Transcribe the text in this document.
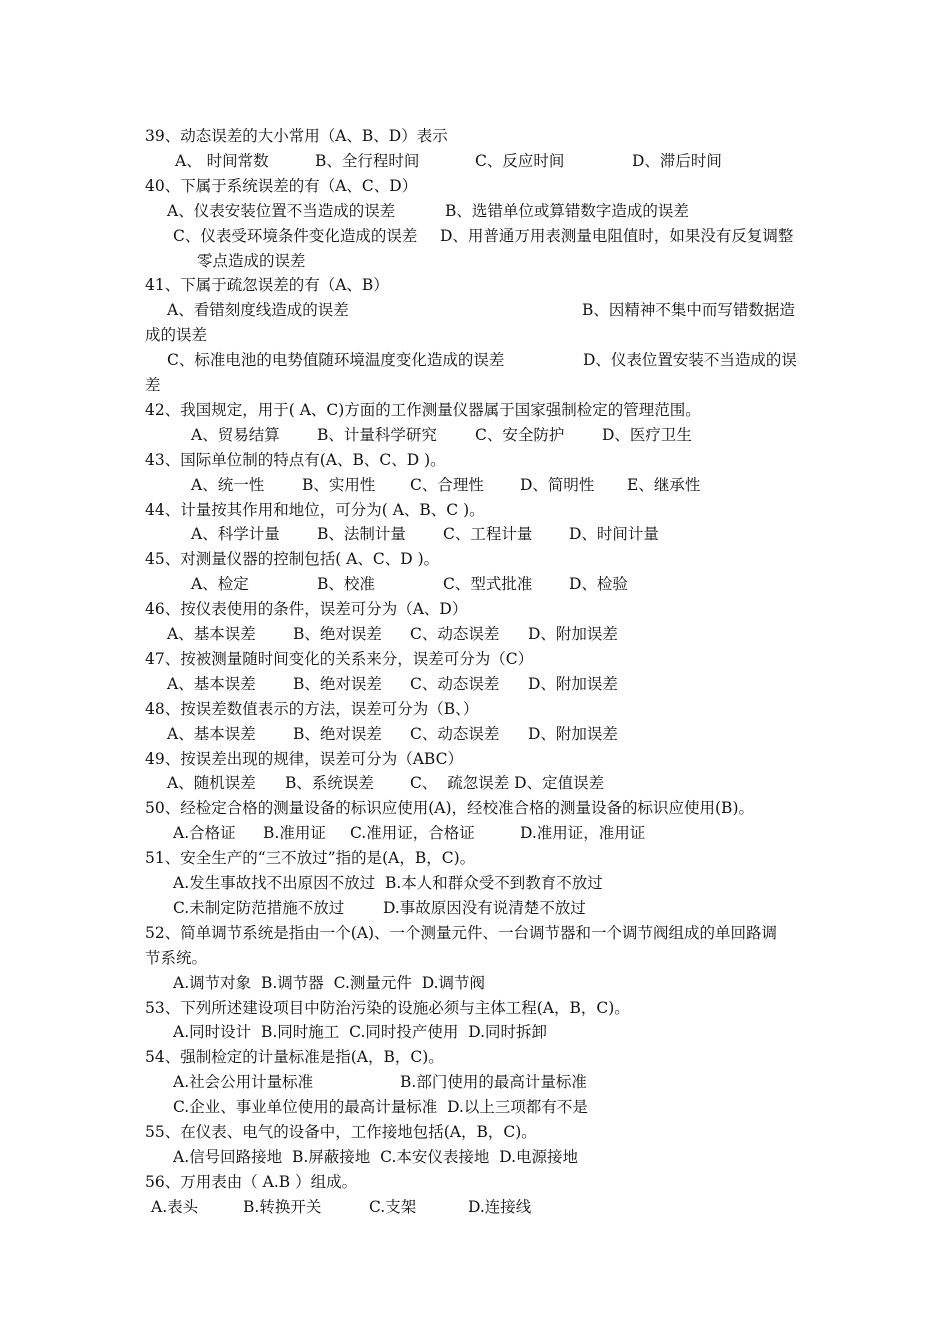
39、动态误差的大小常用（A、B、D）表示
A、 时间常数	B、全行程时间	C、反应时间	D、滞后时间
40、下属于系统误差的有（A、C、D）
A、仪表安装位置不当造成的误差	B、选错单位或算错数字造成的误差
C、仪表受环境条件变化造成的误差 D、用普通万用表测量电阻值时，如果没有反复调整
零点造成的误差
41、下属于疏忽误差的有（A、B）
A、看错刻度线造成的误差	B、因精神不集中而写错数据造
成的误差
C、标准电池的电势值随环境温度变化造成的误差	D、仪表位置安装不当造成的误
差
42、我国规定，用于( A、C)方面的工作测量仪器属于国家强制检定的管理范围。
A、贸易结算 B、计量科学研究 C、安全防护 D、医疗卫生
43、国际单位制的特点有(A、B、C、D )。
A、统一性 B、实用性 C、合理性 D、简明性 E、继承性
44、计量按其作用和地位，可分为( A、B、C )。
A、科学计量 B、法制计量 C、工程计量 D、时间计量
45、对测量仪器的控制包括( A、C、D )。
A、检定	B、校准	C、型式批准 D、检验
46、按仪表使用的条件，误差可分为（A、D）
A、基本误差 B、绝对误差 C、动态误差 D、附加误差
47、按被测量随时间变化的关系来分，误差可分为（C）
A、基本误差 B、绝对误差 C、动态误差 D、附加误差
48、按误差数值表示的方法，误差可分为（B、）
A、基本误差 B、绝对误差 C、动态误差 D、附加误差
49、按误差出现的规律，误差可分为（ABC）
A、随机误差 B、系统误差 C、  疏忽误差 D、定值误差
50、经检定合格的测量设备的标识应使用(A)，经校准合格的测量设备的标识应使用(B)。
A.合格证 B.准用证 C.准用证，合格证	D.准用证，准用证
51、安全生产的“三不放过”指的是(A，B，C)。
A.发生事故找不出原因不放过  B.本人和群众受不到教育不放过
C.未制定防范措施不放过	D.事故原因没有说清楚不放过
52、简单调节系统是指由一个(A)、一个测量元件、一台调节器和一个调节阀组成的单回路调
节系统。
A.调节对象  B.调节器  C.测量元件  D.调节阀
53、下列所述建设项目中防治污染的设施必须与主体工程(A，B，C)。
A.同时设计  B.同时施工  C.同时投产使用  D.同时拆卸
54、强制检定的计量标准是指(A，B，C)。
A.社会公用计量标准	B.部门使用的最高计量标准
C.企业、事业单位使用的最高计量标准  D.以上三项都有不是
55、在仪表、电气的设备中，工作接地包括(A，B，C)。
A.信号回路接地  B.屏蔽接地  C.本安仪表接地  D.电源接地
56、万用表由（ A.B ）组成。
A.表头	B.转换开关	C.支架	D.连接线
